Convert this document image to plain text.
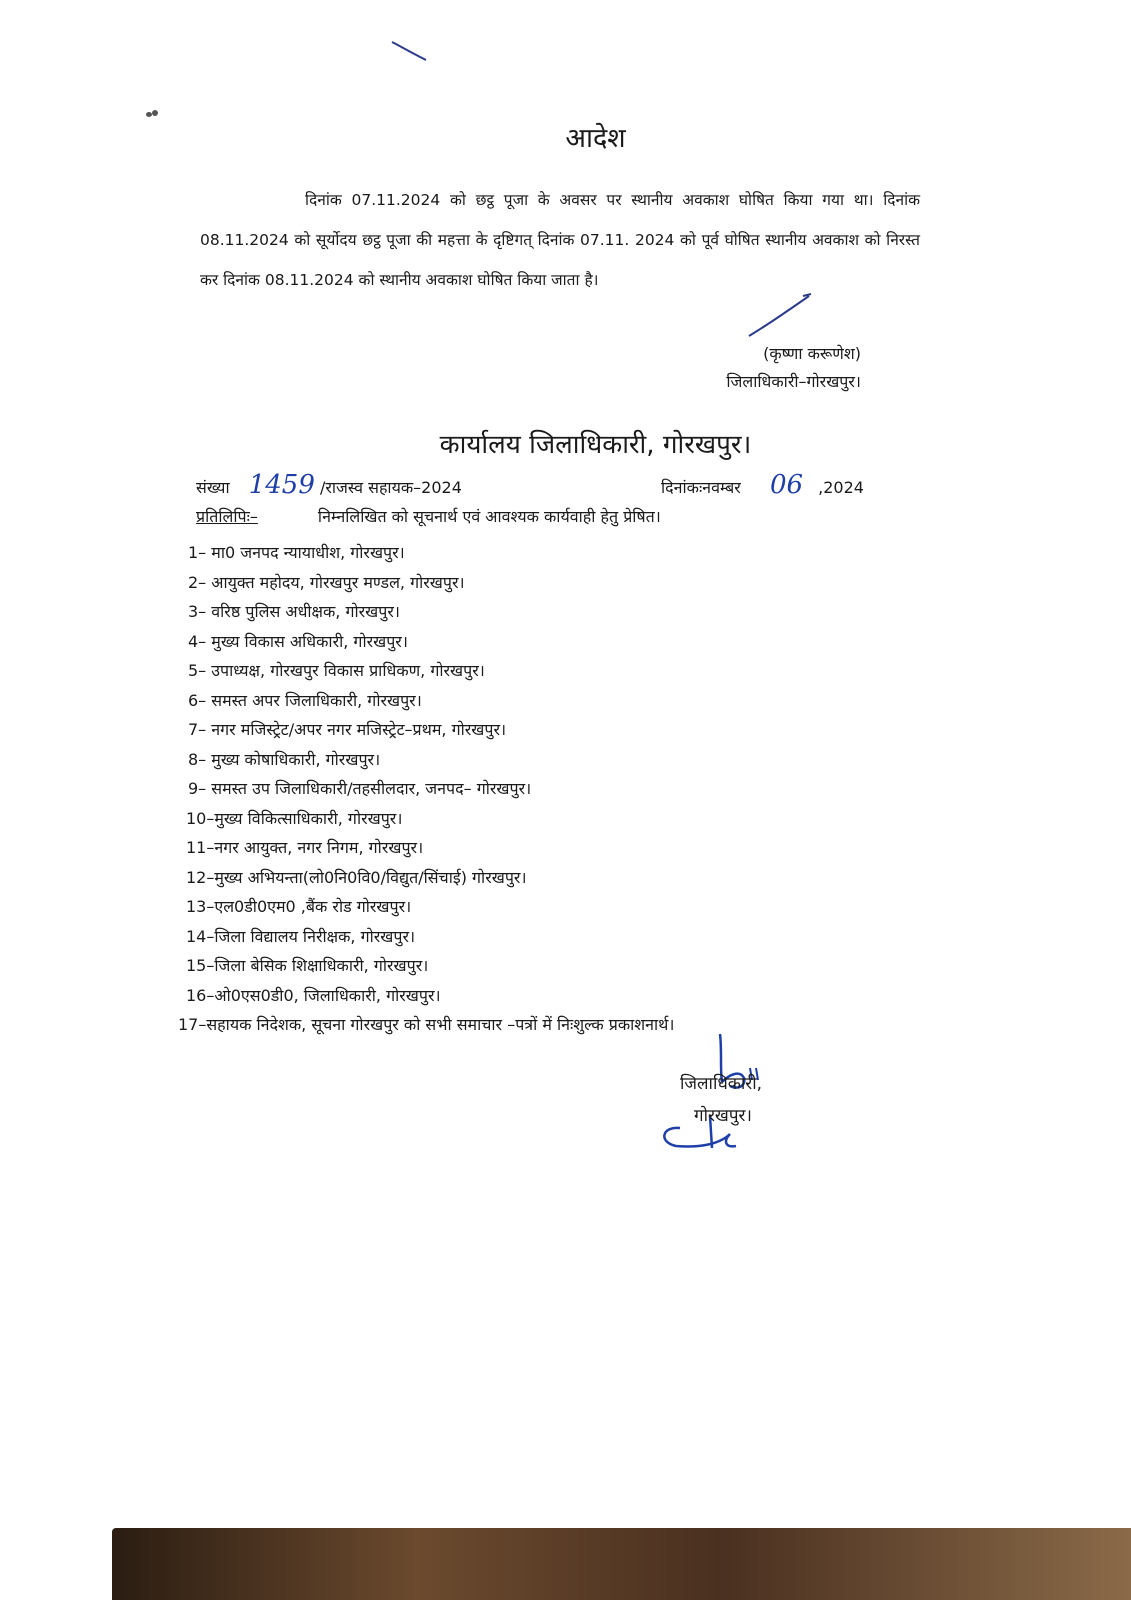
आदेश
दिनांक 07.11.2024 को छट्ठ पूजा के अवसर पर स्थानीय अवकाश घोषित किया गया था। दिनांक 08.11.2024 को सूर्योदय छट्ठ पूजा की महत्ता के दृष्टिगत् दिनांक 07.11. 2024 को पूर्व घोषित स्थानीय अवकाश को निरस्त कर दिनांक 08.11.2024 को स्थानीय अवकाश घोषित किया जाता है।
(कृष्णा करूणेश)
जिलाधिकारी–गोरखपुर।
कार्यालय जिलाधिकारी, गोरखपुर।
संख्या 1459 /राजस्व सहायक–2024	दिनांकःनवम्बर 06 ,2024
प्रतिलिपिः–	निम्नलिखित को सूचनार्थ एवं आवश्यक कार्यवाही हेतु प्रेषित।
1– मा0 जनपद न्यायाधीश, गोरखपुर।
2– आयुक्त महोदय, गोरखपुर मण्डल, गोरखपुर।
3– वरिष्ठ पुलिस अधीक्षक, गोरखपुर।
4– मुख्य विकास अधिकारी, गोरखपुर।
5– उपाध्यक्ष, गोरखपुर विकास प्राधिकण, गोरखपुर।
6– समस्त अपर जिलाधिकारी, गोरखपुर।
7– नगर मजिस्ट्रेट/अपर नगर मजिस्ट्रेट–प्रथम, गोरखपुर।
8– मुख्य कोषाधिकारी, गोरखपुर।
9– समस्त उप जिलाधिकारी/तहसीलदार, जनपद– गोरखपुर।
10–मुख्य विकित्साधिकारी, गोरखपुर।
11–नगर आयुक्त, नगर निगम, गोरखपुर।
12–मुख्य अभियन्ता(लो0नि0वि0/विद्युत/सिंचाई) गोरखपुर।
13–एल0डी0एम0 ,बैंक रोड गोरखपुर।
14–जिला विद्यालय निरीक्षक, गोरखपुर।
15–जिला बेसिक शिक्षाधिकारी, गोरखपुर।
16–ओ0एस0डी0, जिलाधिकारी, गोरखपुर।
17–सहायक निदेशक, सूचना गोरखपुर को सभी समाचार –पत्रों में निःशुल्क प्रकाशनार्थ।
जिलाधिकारी,
गोरखपुर।
